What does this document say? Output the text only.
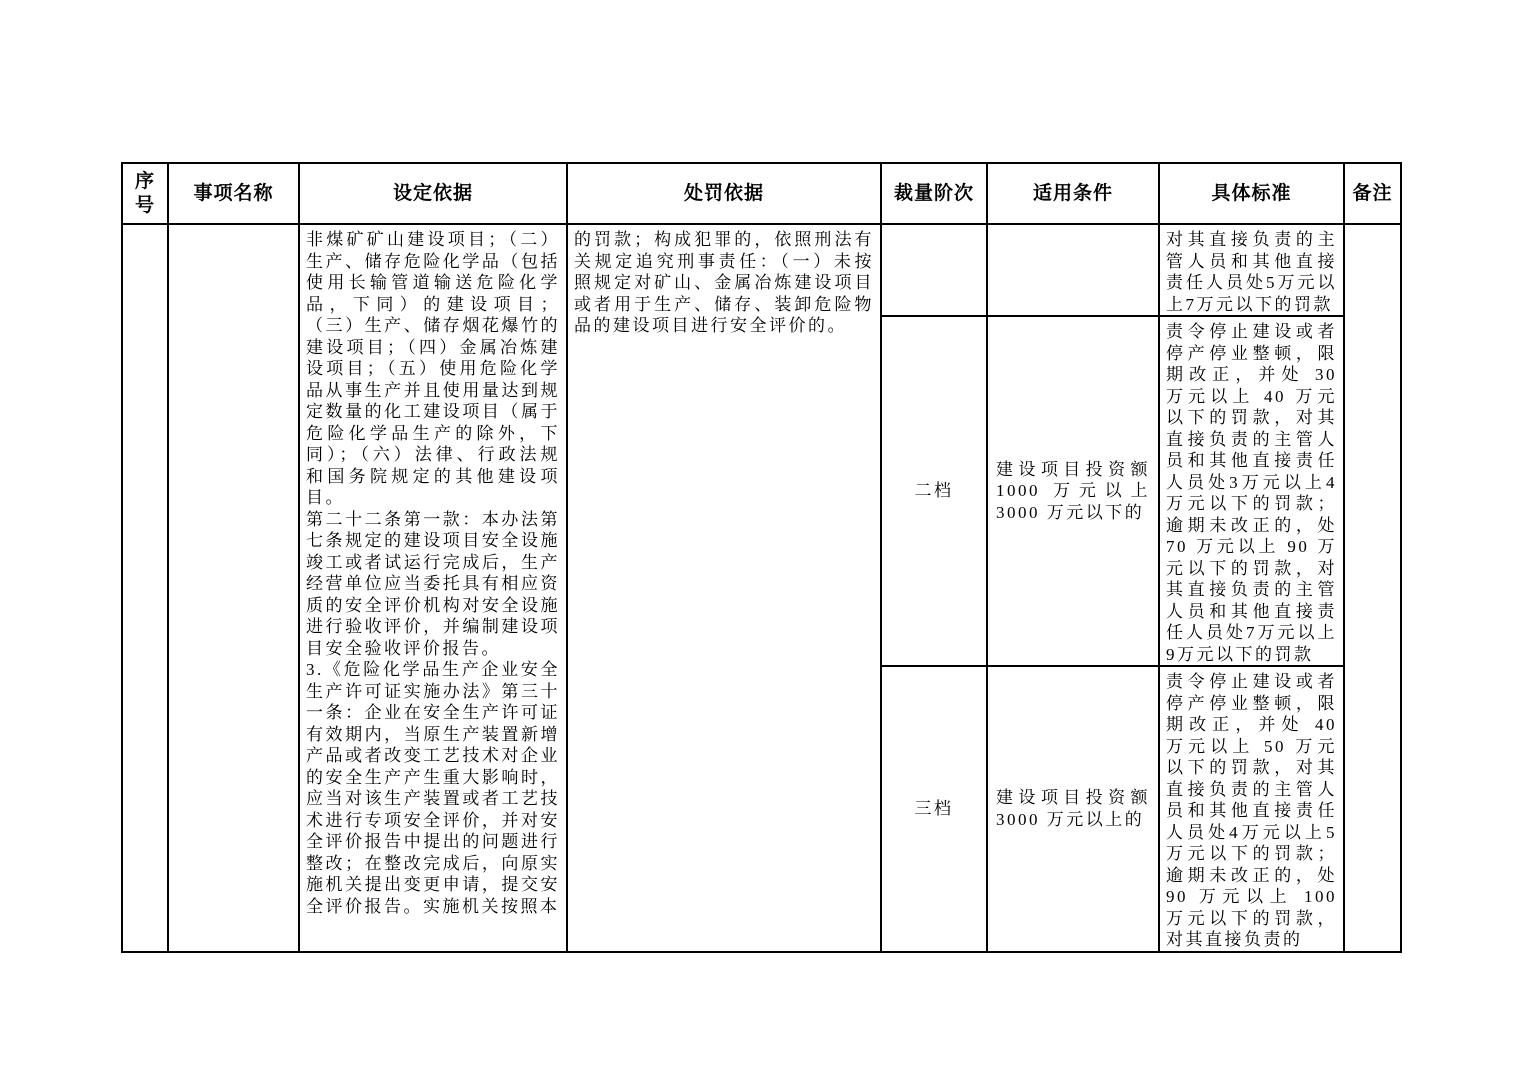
序号	事项名称	设定依据	处罚依据	裁量阶次	适用条件	具体标准	备注

		非煤矿矿山建设项目；（二）生产、储存危险化学品（包括使用长输管道输送危险化学品，下同）的建设项目；（三）生产、储存烟花爆竹的建设项目；（四）金属冶炼建设项目；（五）使用危险化学品从事生产并且使用量达到规定数量的化工建设项目（属于危险化学品生产的除外，下同）；（六）法律、行政法规和国务院规定的其他建设项目。

第二十二条第一款：本办法第七条规定的建设项目安全设施竣工或者试运行完成后，生产经营单位应当委托具有相应资质的安全评价机构对安全设施进行验收评价，并编制建设项目安全验收评价报告。

3.《危险化学品生产企业安全生产许可证实施办法》第三十一条：企业在安全生产许可证有效期内，当原生产装置新增产品或者改变工艺技术对企业的安全生产产生重大影响时，应当对该生产装置或者工艺技术进行专项安全评价，并对安全评价报告中提出的问题进行整改；在整改完成后，向原实施机关提出变更申请，提交安全评价报告。实施机关按照本	的罚款；构成犯罪的，依照刑法有关规定追究刑事责任：（一）未按照规定对矿山、金属冶炼建设项目或者用于生产、储存、装卸危险物品的建设项目进行安全评价的。			对其直接负责的主管人员和其他直接责任人员处5万元以上7万元以下的罚款	
				二档	建设项目投资额 1000 万元以上 3000 万元以下的	责令停止建设或者停产停业整顿，限期改正，并处 30 万元以上 40 万元以下的罚款，对其直接负责的主管人员和其他直接责任人员处3万元以上4万元以下的罚款；逾期未改正的，处 70 万元以上 90 万元以下的罚款，对其直接负责的主管人员和其他直接责任人员处7万元以上9万元以下的罚款	
				三档	建设项目投资额 3000 万元以上的	责令停止建设或者停产停业整顿，限期改正，并处 40 万元以上 50 万元以下的罚款，对其直接负责的主管人员和其他直接责任人员处4万元以上5万元以下的罚款；逾期未改正的，处 90 万元以上 100 万元以下的罚款，对其直接负责的	
